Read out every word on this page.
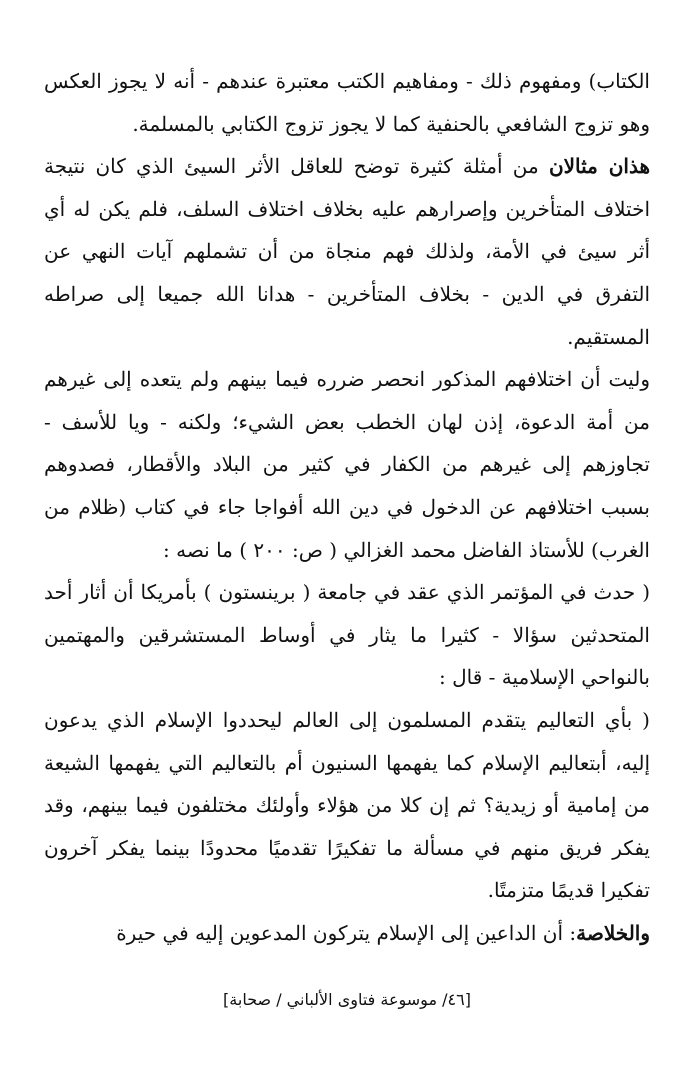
الكتاب) ومفهوم ذلك - ومفاهيم الكتب معتبرة عندهم - أنه لا يجوز العكس وهو تزوج الشافعي بالحنفية كما لا يجوز تزوج الكتابي بالمسلمة.

هذان مثالان من أمثلة كثيرة توضح للعاقل الأثر السيئ الذي كان نتيجة اختلاف المتأخرين وإصرارهم عليه بخلاف اختلاف السلف، فلم يكن له أي أثر سيئ في الأمة، ولذلك فهم منجاة من أن تشملهم آيات النهي عن التفرق في الدين - بخلاف المتأخرين - هدانا الله جميعا إلى صراطه المستقيم.

وليت أن اختلافهم المذكور انحصر ضرره فيما بينهم ولم يتعده إلى غيرهم من أمة الدعوة، إذن لهان الخطب بعض الشيء؛ ولكنه - ويا للأسف - تجاوزهم إلى غيرهم من الكفار في كثير من البلاد والأقطار، فصدوهم بسبب اختلافهم عن الدخول في دين الله أفواجا جاء في كتاب (ظلام من الغرب) للأستاذ الفاضل محمد الغزالي ( ص: ٢٠٠ ) ما نصه :

( حدث في المؤتمر الذي عقد في جامعة ( برينستون ) بأمريكا أن أثار أحد المتحدثين سؤالا - كثيرا ما يثار في أوساط المستشرقين والمهتمين بالنواحي الإسلامية - قال :

( بأي التعاليم يتقدم المسلمون إلى العالم ليحددوا الإسلام الذي يدعون إليه، أبتعاليم الإسلام كما يفهمها السنيون أم بالتعاليم التي يفهمها الشيعة من إمامية أو زيدية؟ ثم إن كلا من هؤلاء وأولئك مختلفون فيما بينهم، وقد يفكر فريق منهم في مسألة ما تفكيرًا تقدميًا محدودًا بينما يفكر آخرون تفكيرا قديمًا متزمتًا.

والخلاصة: أن الداعين إلى الإسلام يتركون المدعوين إليه في حيرة

[٤٦/ موسوعة فتاوى الألباني / صحابة]
